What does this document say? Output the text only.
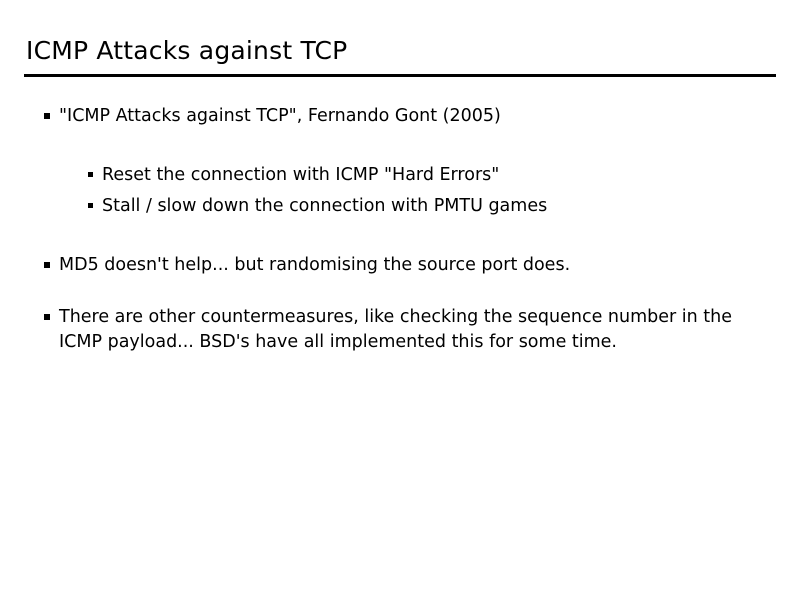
ICMP Attacks against TCP
"ICMP Attacks against TCP", Fernando Gont (2005)
Reset the connection with ICMP "Hard Errors"
Stall / slow down the connection with PMTU games
MD5 doesn't help... but randomising the source port does.
There are other countermeasures, like checking the sequence number in the ICMP payload... BSD's have all implemented this for some time.
